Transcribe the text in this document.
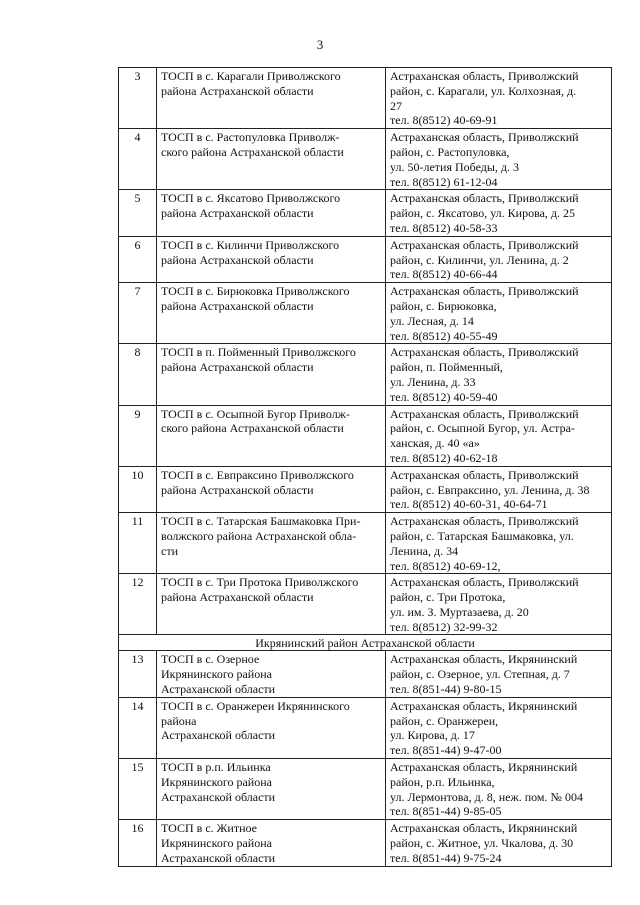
3
3	ТОСП в с. Карагали Приволжского
района Астраханской области	Астраханская область, Приволжский
район, с. Карагали, ул. Колхозная, д.
27
тел. 8(8512) 40-69-91
4	ТОСП в с. Растопуловка Приволж-
ского района Астраханской области	Астраханская область, Приволжский
район, с. Растопуловка,
ул. 50-летия Победы, д. 3
тел. 8(8512) 61-12-04
5	ТОСП в с. Яксатово Приволжского
района Астраханской области	Астраханская область, Приволжский
район, с. Яксатово, ул. Кирова, д. 25
тел. 8(8512) 40-58-33
6	ТОСП в с. Килинчи Приволжского
района Астраханской области	Астраханская область, Приволжский
район, с. Килинчи, ул. Ленина, д. 2
тел. 8(8512) 40-66-44
7	ТОСП в с. Бирюковка Приволжского
района Астраханской области	Астраханская область, Приволжский
район, с. Бирюковка,
ул. Лесная, д. 14
тел. 8(8512) 40-55-49
8	ТОСП в п. Пойменный Приволжского
района Астраханской области	Астраханская область, Приволжский
район, п. Пойменный,
ул. Ленина, д. 33
тел. 8(8512) 40-59-40
9	ТОСП в с. Осыпной Бугор Приволж-
ского района Астраханской области	Астраханская область, Приволжский
район, с. Осыпной Бугор, ул. Астра-
ханская, д. 40 «а»
тел. 8(8512) 40-62-18
10	ТОСП в с. Евпраксино Приволжского
района Астраханской области	Астраханская область, Приволжский
район, с. Евпраксино, ул. Ленина, д. 38
тел. 8(8512) 40-60-31, 40-64-71
11	ТОСП в с. Татарская Башмаковка При-
волжского района Астраханской обла-
сти	Астраханская область, Приволжский
район, с. Татарская Башмаковка, ул.
Ленина, д. 34
тел. 8(8512) 40-69-12,
12	ТОСП в с. Три Протока Приволжского
района Астраханской области	Астраханская область, Приволжский
район, с. Три Протока,
ул. им. З. Муртазаева, д. 20
тел. 8(8512) 32-99-32
Икрянинский район Астраханской области		
13	ТОСП в с. Озерное
Икрянинского района
Астраханской области	Астраханская область, Икрянинский
район, с. Озерное, ул. Степная, д. 7
тел. 8(851-44) 9-80-15
14	ТОСП в с. Оранжереи Икрянинского
района
Астраханской области	Астраханская область, Икрянинский
район, с. Оранжереи,
ул. Кирова, д. 17
тел. 8(851-44) 9-47-00
15	ТОСП в р.п. Ильинка
Икрянинского района
Астраханской области	Астраханская область, Икрянинский
район, р.п. Ильинка,
ул. Лермонтова, д. 8, неж. пом. № 004
тел. 8(851-44) 9-85-05
16	ТОСП в с. Житное
Икрянинского района
Астраханской области	Астраханская область, Икрянинский
район, с. Житное, ул. Чкалова, д. 30
тел. 8(851-44) 9-75-24
